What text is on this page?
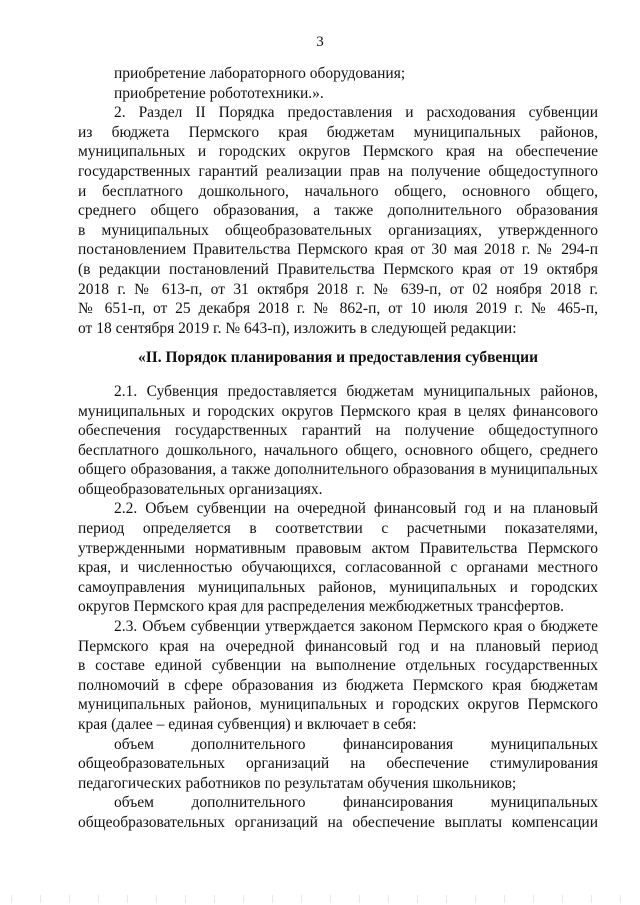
3
приобретение лабораторного оборудования;
приобретение робототехники.».
2. Раздел II Порядка предоставления и расходования субвенции
из бюджета Пермского края бюджетам муниципальных районов,
муниципальных и городских округов Пермского края на обеспечение
государственных гарантий реализации прав на получение общедоступного
и бесплатного дошкольного, начального общего, основного общего,
среднего общего образования, а также дополнительного образования
в муниципальных общеобразовательных организациях, утвержденного
постановлением Правительства Пермского края от 30 мая 2018 г. № 294-п
(в редакции постановлений Правительства Пермского края от 19 октября
2018 г. № 613-п, от 31 октября 2018 г. № 639-п, от 02 ноября 2018 г.
№ 651-п, от 25 декабря 2018 г. № 862-п, от 10 июля 2019 г. № 465-п,
от 18 сентября 2019 г. № 643-п), изложить в следующей редакции:
«II. Порядок планирования и предоставления субвенции
2.1. Субвенция предоставляется бюджетам муниципальных районов,
муниципальных и городских округов Пермского края в целях финансового
обеспечения государственных гарантий на получение общедоступного
бесплатного дошкольного, начального общего, основного общего, среднего
общего образования, а также дополнительного образования в муниципальных
общеобразовательных организациях.
2.2. Объем субвенции на очередной финансовый год и на плановый
период определяется в соответствии с расчетными показателями,
утвержденными нормативным правовым актом Правительства Пермского
края, и численностью обучающихся, согласованной с органами местного
самоуправления муниципальных районов, муниципальных и городских
округов Пермского края для распределения межбюджетных трансфертов.
2.3. Объем субвенции утверждается законом Пермского края о бюджете
Пермского края на очередной финансовый год и на плановый период
в составе единой субвенции на выполнение отдельных государственных
полномочий в сфере образования из бюджета Пермского края бюджетам
муниципальных районов, муниципальных и городских округов Пермского
края (далее – единая субвенция) и включает в себя:
объем дополнительного финансирования муниципальных
общеобразовательных организаций на обеспечение стимулирования
педагогических работников по результатам обучения школьников;
объем дополнительного финансирования муниципальных
общеобразовательных организаций на обеспечение выплаты компенсации
